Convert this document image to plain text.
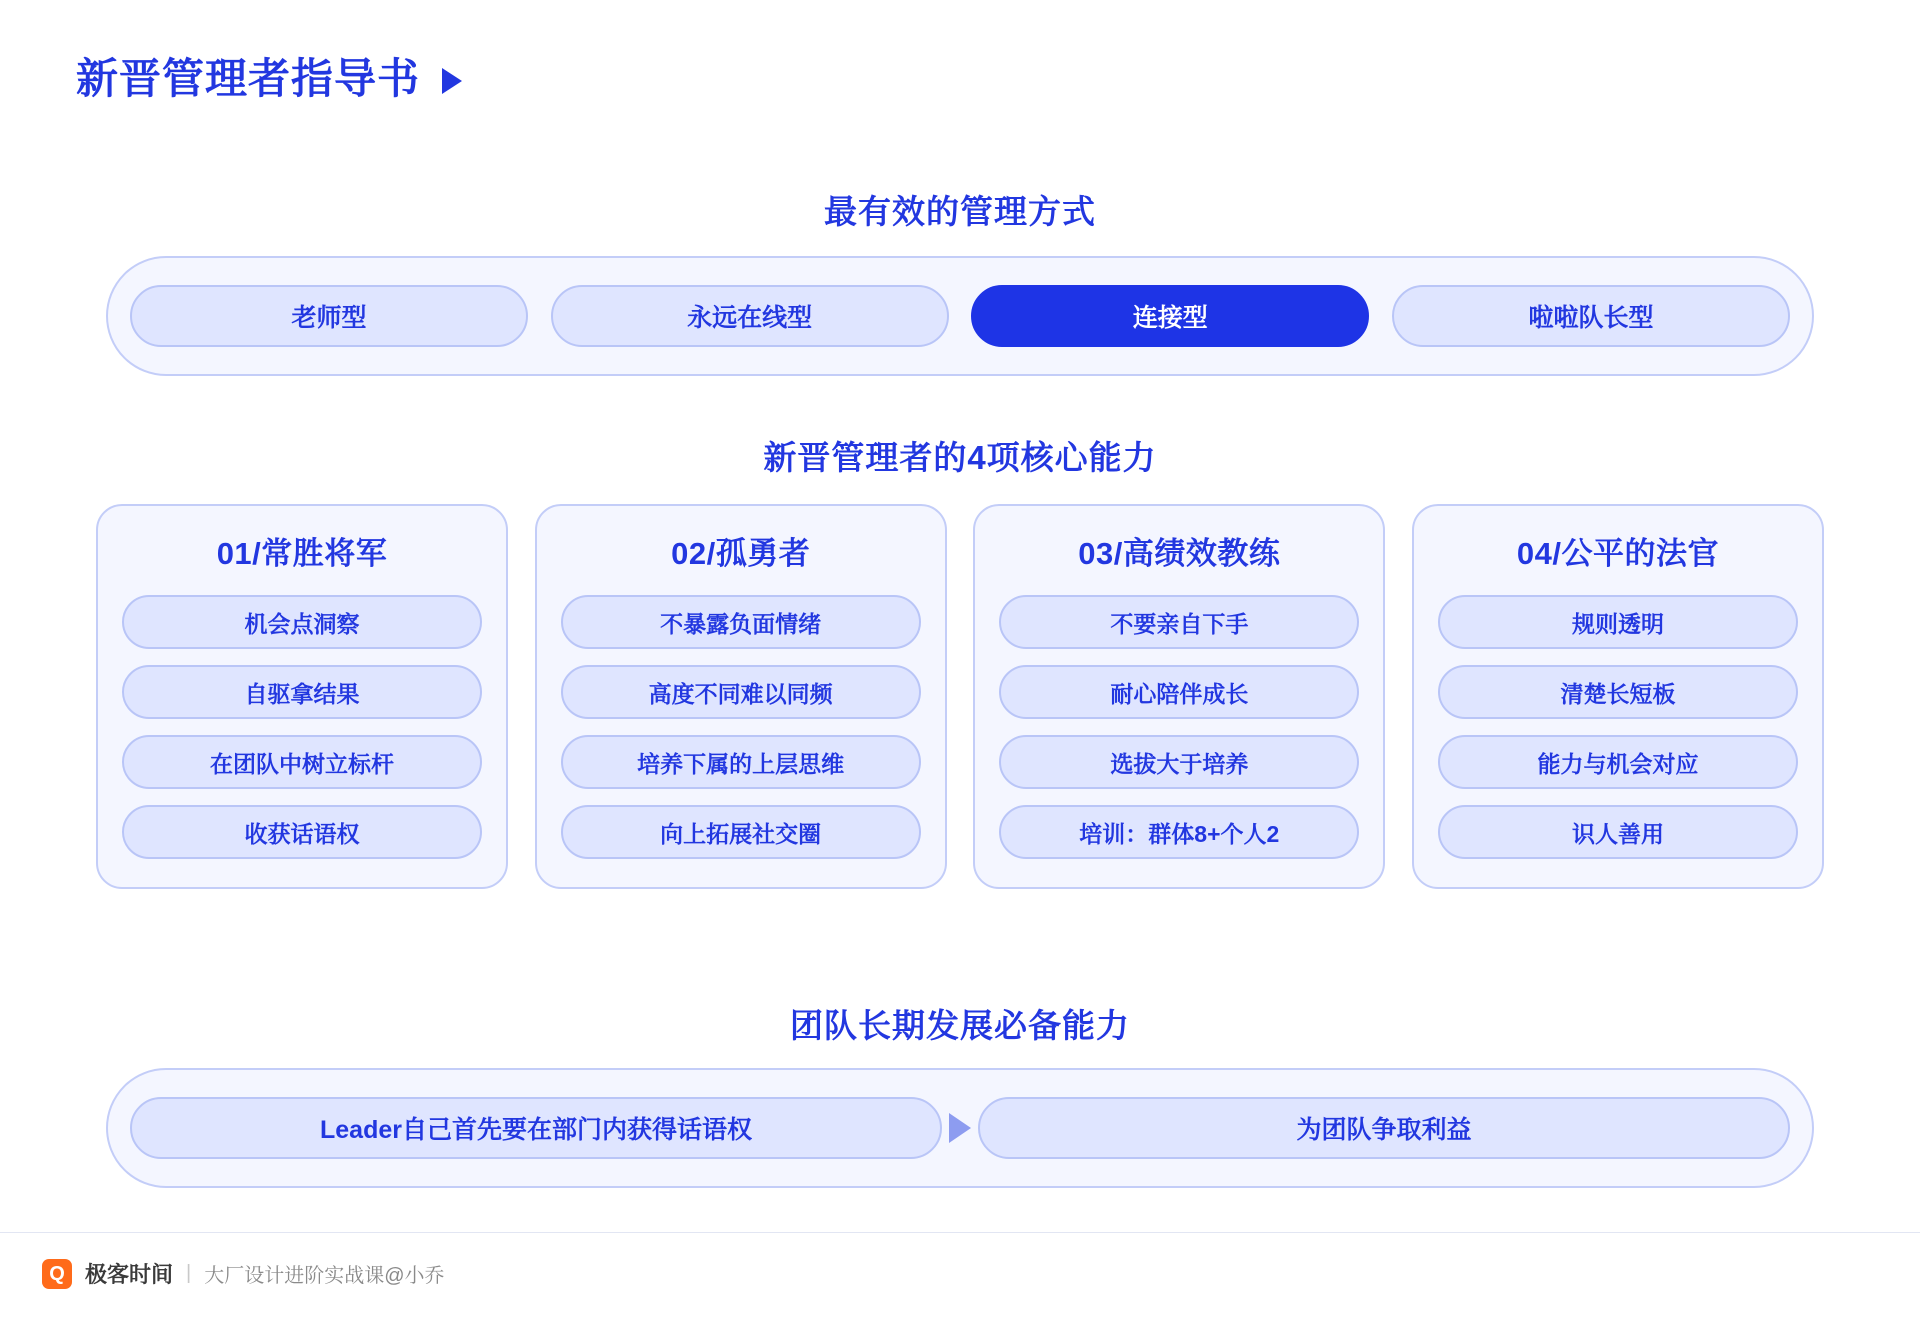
新晋管理者指导书
最有效的管理方式
老师型	永远在线型	连接型	啦啦队长型
新晋管理者的4项核心能力
01/常胜将军
机会点洞察
自驱拿结果
在团队中树立标杆
收获话语权
02/孤勇者
不暴露负面情绪
高度不同难以同频
培养下属的上层思维
向上拓展社交圈
03/高绩效教练
不要亲自下手
耐心陪伴成长
选拔大于培养
培训：群体8+个人2
04/公平的法官
规则透明
清楚长短板
能力与机会对应
识人善用
团队长期发展必备能力
Leader自己首先要在部门内获得话语权	为团队争取利益
Q 极客时间 | 大厂设计进阶实战课@小乔
